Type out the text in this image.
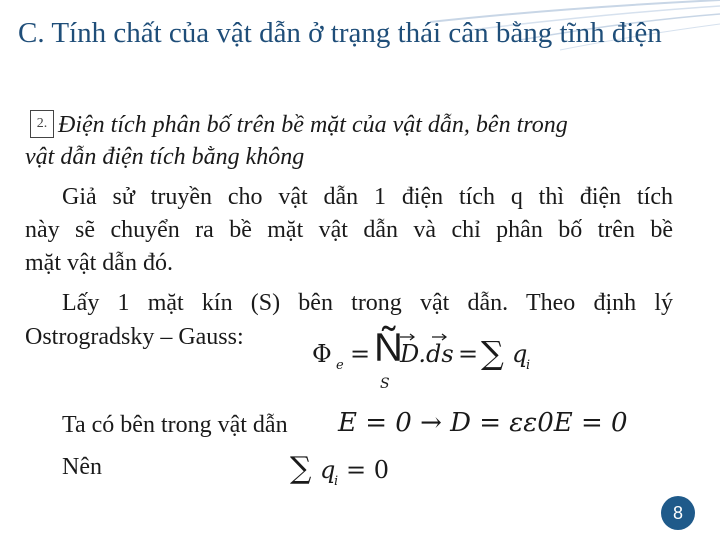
C. Tính chất của vật dẫn ở trạng thái cân bằng tĩnh điện
2. Điện tích phân bố trên bề mặt của vật dẫn, bên trong
vật dẫn điện tích bằng không
Giả sử truyền cho vật dẫn 1 điện tích q thì điện tích
này sẽ chuyển ra bề mặt vật dẫn và chỉ phân bố trên bề
mặt vật dẫn đó.
Lấy 1 mặt kín (S) bên trong vật dẫn. Theo định lý
Ostrogradsky – Gauss:
Φ e = Ñ
S
D.ds = ∑ q
i
Ta có bên trong vật dẫn	E = 0 → D = εε0E = 0
Nên	∑ q
i = 0
8
